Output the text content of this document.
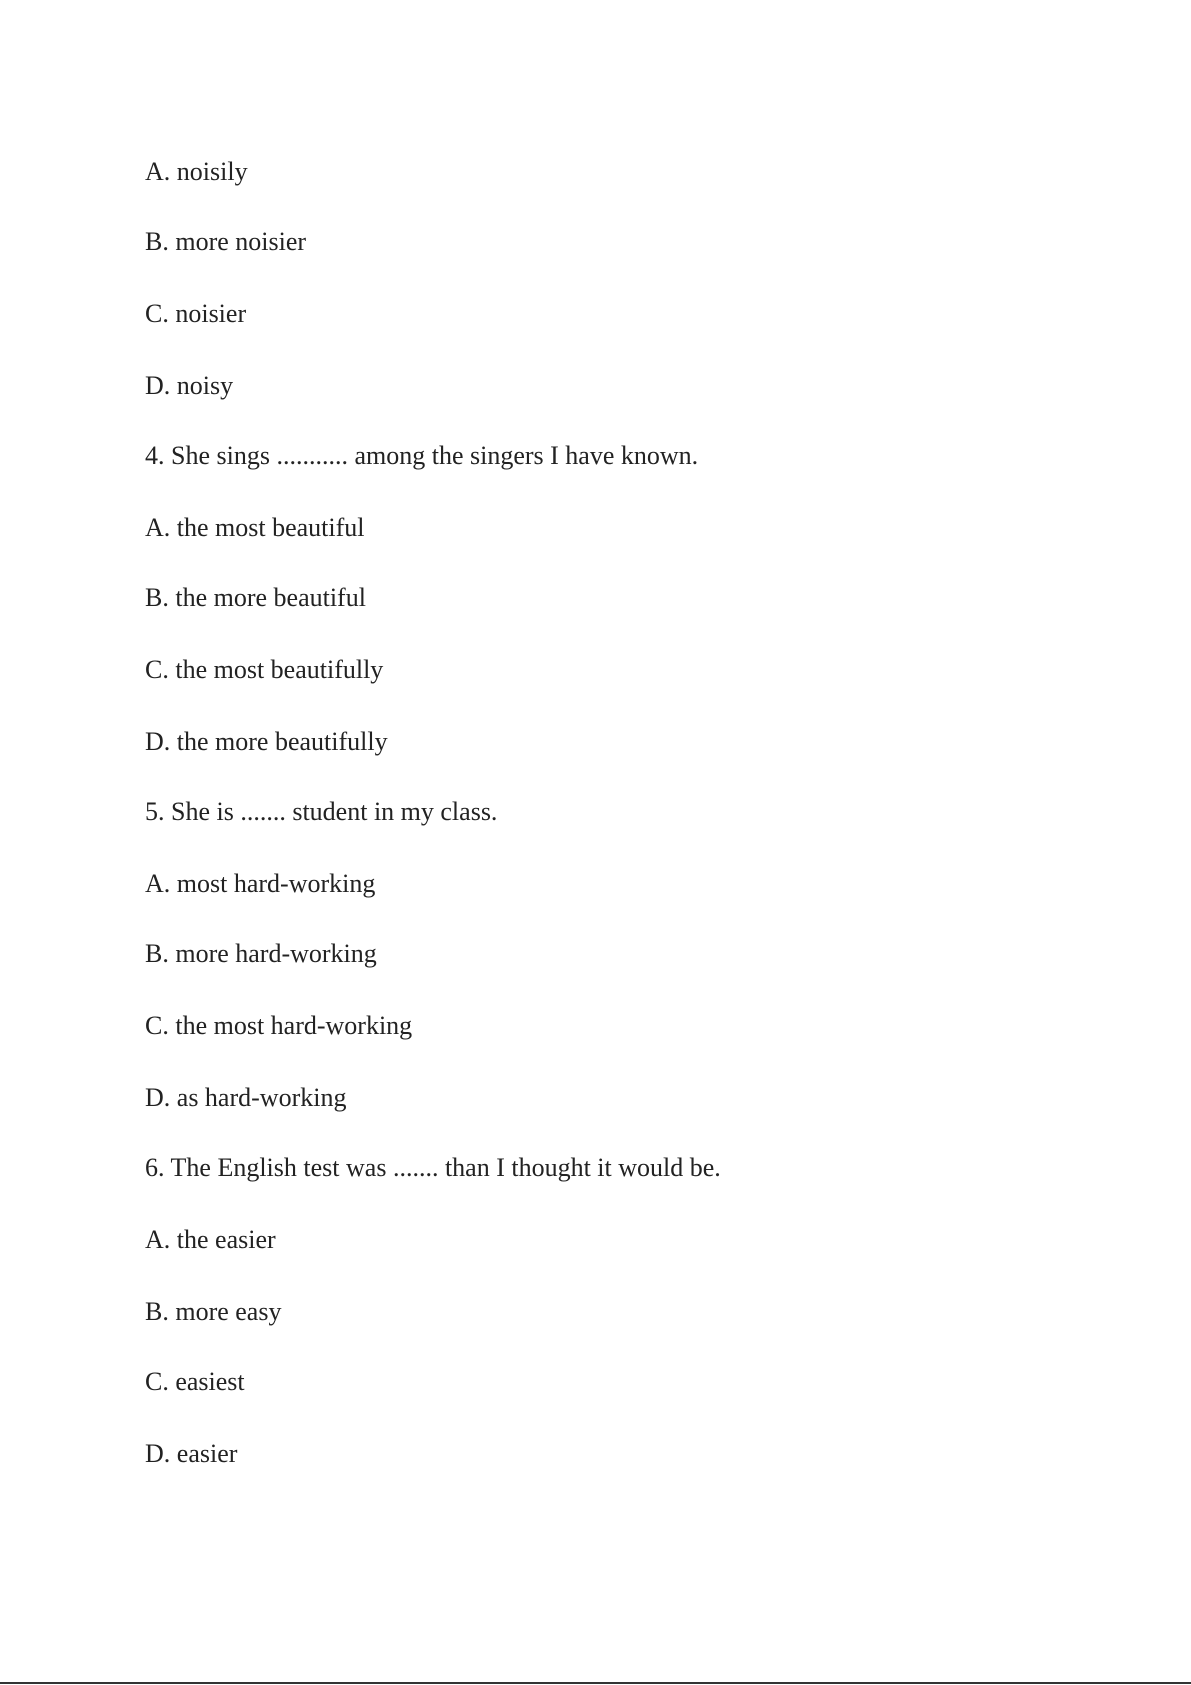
A. noisily

B. more noisier

C. noisier

D. noisy

4. She sings ........... among the singers I have known.

A. the most beautiful

B. the more beautiful

C. the most beautifully

D. the more beautifully

5. She is ....... student in my class.

A. most hard-working

B. more hard-working

C. the most hard-working

D. as hard-working

6. The English test was ....... than I thought it would be.

A. the easier

B. more easy

C. easiest

D. easier
